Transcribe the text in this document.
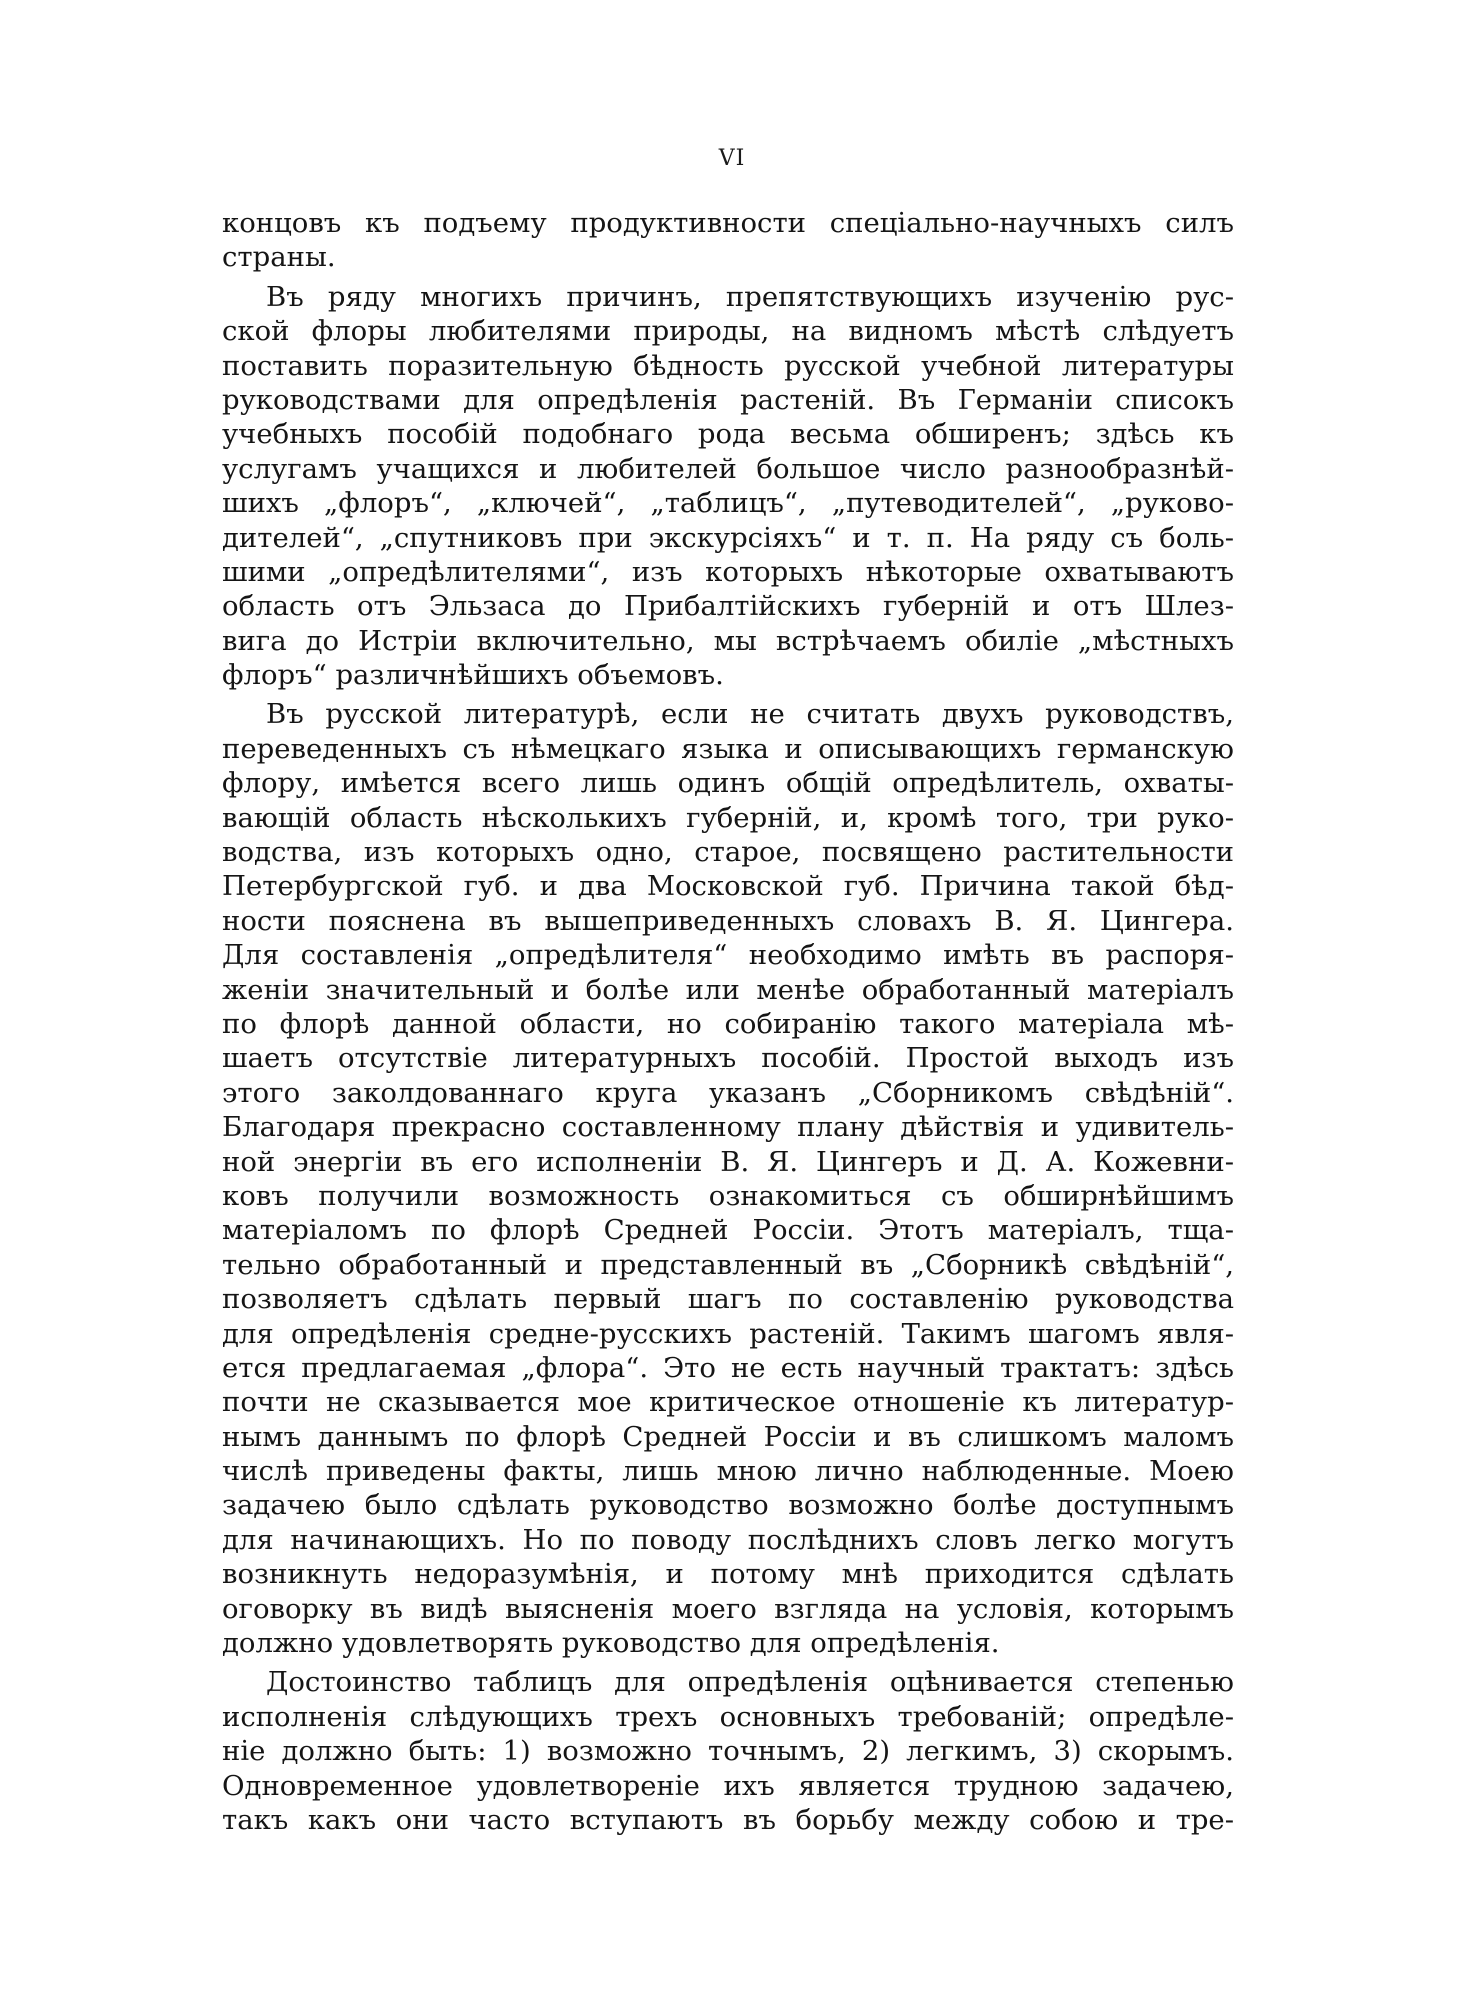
VI
концовъ къ подъему продуктивности спеціально-научныхъ силъ
страны.
Въ ряду многихъ причинъ, препятствующихъ изученію рус-
ской флоры любителями природы, на видномъ мѣстѣ слѣдуетъ
поставить поразительную бѣдность русской учебной литературы
руководствами для опредѣленія растеній. Въ Германіи списокъ
учебныхъ пособій подобнаго рода весьма обширенъ; здѣсь къ
услугамъ учащихся и любителей большое число разнообразнѣй-
шихъ „флоръ“, „ключей“, „таблицъ“, „путеводителей“, „руково-
дителей“, „спутниковъ при экскурсіяхъ“ и т. п. На ряду съ боль-
шими „опредѣлителями“, изъ которыхъ нѣкоторые охватываютъ
область отъ Эльзаса до Прибалтійскихъ губерній и отъ Шлез-
вига до Истріи включительно, мы встрѣчаемъ обиліе „мѣстныхъ
флоръ“ различнѣйшихъ объемовъ.
Въ русской литературѣ, если не считать двухъ руководствъ,
переведенныхъ съ нѣмецкаго языка и описывающихъ германскую
флору, имѣется всего лишь одинъ общій опредѣлитель, охваты-
вающій область нѣсколькихъ губерній, и, кромѣ того, три руко-
водства, изъ которыхъ одно, старое, посвящено растительности
Петербургской губ. и два Московской губ. Причина такой бѣд-
ности пояснена въ вышеприведенныхъ словахъ В. Я. Цингера.
Для составленія „опредѣлителя“ необходимо имѣть въ распоря-
женіи значительный и болѣе или менѣе обработанный матеріалъ
по флорѣ данной области, но собиранію такого матеріала мѣ-
шаетъ отсутствіе литературныхъ пособій. Простой выходъ изъ
этого заколдованнаго круга указанъ „Сборникомъ свѣдѣній“.
Благодаря прекрасно составленному плану дѣйствія и удивитель-
ной энергіи въ его исполненіи В. Я. Цингеръ и Д. А. Кожевни-
ковъ получили возможность ознакомиться съ обширнѣйшимъ
матеріаломъ по флорѣ Средней Россіи. Этотъ матеріалъ, тща-
тельно обработанный и представленный въ „Сборникѣ свѣдѣній“,
позволяетъ сдѣлать первый шагъ по составленію руководства
для опредѣленія средне-русскихъ растеній. Такимъ шагомъ явля-
ется предлагаемая „флора“. Это не есть научный трактатъ: здѣсь
почти не сказывается мое критическое отношеніе къ литератур-
нымъ даннымъ по флорѣ Средней Россіи и въ слишкомъ маломъ
числѣ приведены факты, лишь мною лично наблюденные. Моею
задачею было сдѣлать руководство возможно болѣе доступнымъ
для начинающихъ. Но по поводу послѣднихъ словъ легко могутъ
возникнуть недоразумѣнія, и потому мнѣ приходится сдѣлать
оговорку въ видѣ выясненія моего взгляда на условія, которымъ
должно удовлетворять руководство для опредѣленія.
Достоинство таблицъ для опредѣленія оцѣнивается степенью
исполненія слѣдующихъ трехъ основныхъ требованій; опредѣле-
ніе должно быть: 1) возможно точнымъ, 2) легкимъ, 3) скорымъ.
Одновременное удовлетвореніе ихъ является трудною задачею,
такъ какъ они часто вступаютъ въ борьбу между собою и тре-
